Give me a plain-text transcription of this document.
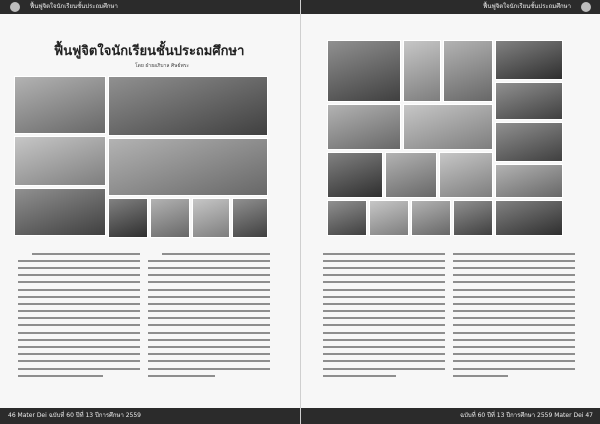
ฟื้นฟูจิตใจนักเรียนชั้นประถมศึกษา
ฟื้นฟูจิตใจนักเรียนชั้นประถมศึกษา
โดย ฝ่ายอภิบาล ศิษย์พระ
46 Mater Dei ฉบับที่ 60 ปีที่ 13 ปีการศึกษา 2559
ฟื้นฟูจิตใจนักเรียนชั้นประถมศึกษา
ฉบับที่ 60 ปีที่ 13 ปีการศึกษา 2559 Mater Dei 47
